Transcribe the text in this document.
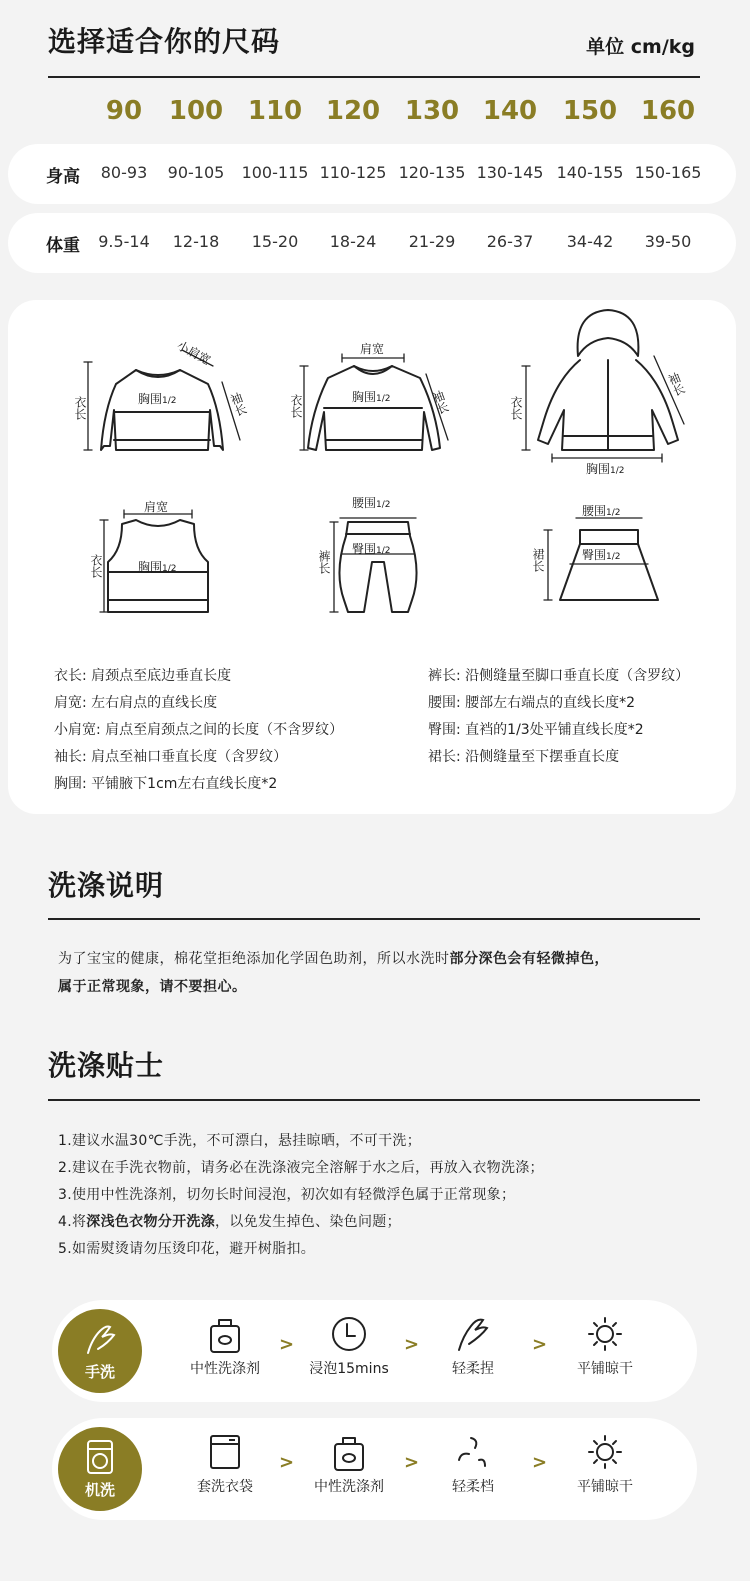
选择适合你的尺码	单位 cm/kg
90 100 110 120 130 140 150 160
身高 80-93 90-105 100-115 110-125 120-135 130-145 140-155 150-165
体重 9.5-14 12-18 15-20 18-24 21-29 26-37 34-42 39-50
小肩宽
衣长	胸围1/2	袖长
肩宽
衣长	胸围1/2	袖长	衣长
胸围1/2
袖长
肩宽
衣长	胸围1/2
腰围1/2
臀围1/2
裤长
腰围1/2
臀围1/2
裙长
衣长: 肩颈点至底边垂直长度
肩宽: 左右肩点的直线长度
小肩宽: 肩点至肩颈点之间的长度（不含罗纹）
袖长: 肩点至袖口垂直长度（含罗纹）
胸围: 平铺腋下1cm左右直线长度*2
裤长: 沿侧缝量至脚口垂直长度（含罗纹）
腰围: 腰部左右端点的直线长度*2
臀围: 直裆的1/3处平铺直线长度*2
裙长: 沿侧缝量至下摆垂直长度
洗涤说明
为了宝宝的健康，棉花堂拒绝添加化学固色助剂，所以水洗时部分深色会有轻微掉色，
属于正常现象，请不要担心。
洗涤贴士
1.建议水温30℃手洗，不可漂白，悬挂晾晒，不可干洗；
2.建议在手洗衣物前，请务必在洗涤液完全溶解于水之后，再放入衣物洗涤；
3.使用中性洗涤剂，切勿长时间浸泡，初次如有轻微浮色属于正常现象；
4.将深浅色衣物分开洗涤，以免发生掉色、染色问题；
5.如需熨烫请勿压烫印花，避开树脂扣。
手洗	中性洗涤剂
>
浸泡15mins
>
轻柔捏
>
平铺晾干
机洗	套洗衣袋
>
中性洗涤剂
>
轻柔档
>
平铺晾干
